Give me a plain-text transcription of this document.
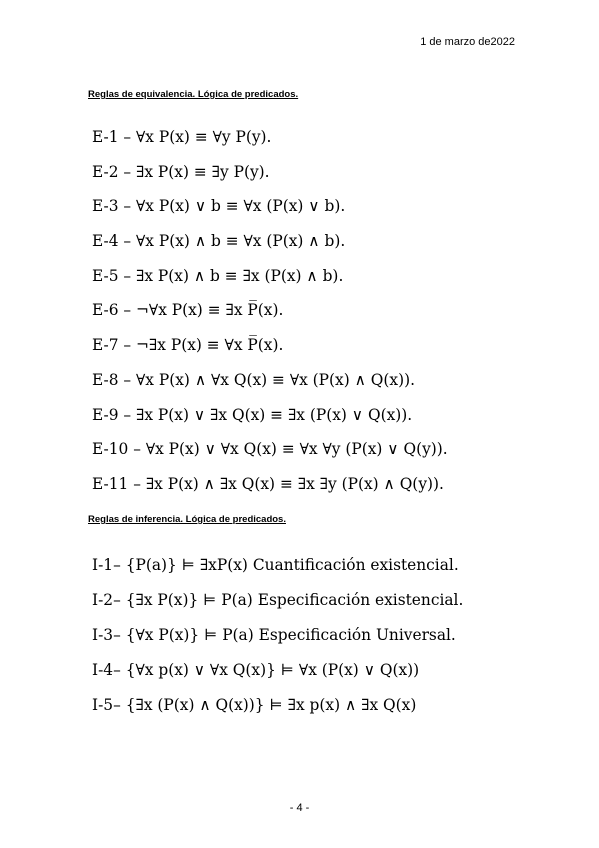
1 de marzo de2022
Reglas de equivalencia. Lógica de predicados.
E-1 – ∀x P(x) ≡ ∀y P(y).
E-2 – ∃x P(x) ≡ ∃y P(y).
E-3 – ∀x P(x) ∨ b ≡ ∀x (P(x) ∨ b).
E-4 – ∀x P(x) ∧ b ≡ ∀x (P(x) ∧ b).
E-5 – ∃x P(x) ∧ b ≡ ∃x (P(x) ∧ b).
E-6 – ¬∀x P(x) ≡ ∃x P̅(x).
E-7 – ¬∃x P(x) ≡ ∀x P̅(x).
E-8 – ∀x P(x) ∧ ∀x Q(x) ≡ ∀x (P(x) ∧ Q(x)).
E-9 – ∃x P(x) ∨ ∃x Q(x) ≡ ∃x (P(x) ∨ Q(x)).
E-10 – ∀x P(x) ∨ ∀x Q(x) ≡ ∀x ∀y (P(x) ∨ Q(y)).
E-11 – ∃x P(x) ∧ ∃x Q(x) ≡ ∃x ∃y (P(x) ∧ Q(y)).
Reglas de inferencia. Lógica de predicados.
I-1– {P(a)} ⊨ ∃xP(x) Cuantificación existencial.
I-2– {∃x P(x)} ⊨ P(a) Especificación existencial.
I-3– {∀x P(x)} ⊨ P(a) Especificación Universal.
I-4– {∀x p(x) ∨ ∀x Q(x)} ⊨ ∀x (P(x) ∨ Q(x))
I-5– {∃x (P(x) ∧ Q(x))} ⊨ ∃x p(x) ∧ ∃x Q(x)
- 4 -
